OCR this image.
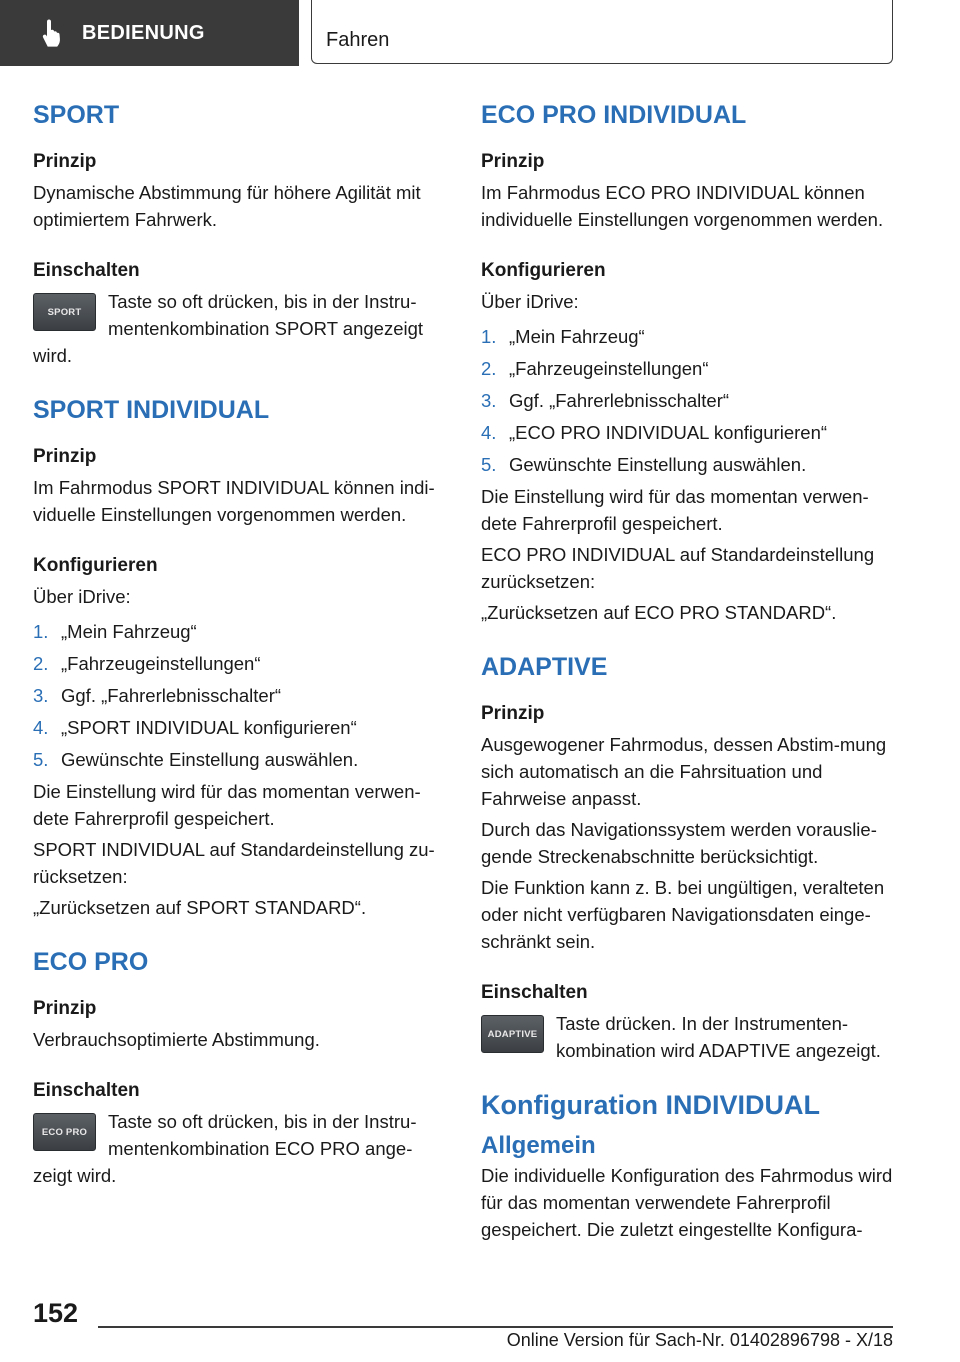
BEDIENUNG	Fahren
SPORT
Prinzip

Dynamische Abstimmung für höhere Agilität mit optimiertem Fahrwerk.

Einschalten
SPORT	Taste so oft drücken, bis in der Instru-

mentenkombination SPORT angezeigt

wird.

SPORT INDIVIDUAL
Prinzip

Im Fahrmodus SPORT INDIVIDUAL können indi-viduelle Einstellungen vorgenommen werden.

Konfigurieren

Über iDrive:

1. „Mein Fahrzeug“
2. „Fahrzeugeinstellungen“
3. Ggf. „Fahrerlebnisschalter“
4. „SPORT INDIVIDUAL konfigurieren“
5. Gewünschte Einstellung auswählen.

Die Einstellung wird für das momentan verwen-dete Fahrerprofil gespeichert.

SPORT INDIVIDUAL auf Standardeinstellung zu-rücksetzen:

„Zurücksetzen auf SPORT STANDARD“.

ECO PRO
Prinzip

Verbrauchsoptimierte Abstimmung.

Einschalten
ECO PRO	Taste so oft drücken, bis in der Instru-

mentenkombination ECO PRO ange-

zeigt wird.

ECO PRO INDIVIDUAL
Prinzip

Im Fahrmodus ECO PRO INDIVIDUAL können individuelle Einstellungen vorgenommen werden.

Konfigurieren

Über iDrive:

1. „Mein Fahrzeug“
2. „Fahrzeugeinstellungen“
3. Ggf. „Fahrerlebnisschalter“
4. „ECO PRO INDIVIDUAL konfigurieren“
5. Gewünschte Einstellung auswählen.

Die Einstellung wird für das momentan verwen-dete Fahrerprofil gespeichert.

ECO PRO INDIVIDUAL auf Standardeinstellung zurücksetzen:

„Zurücksetzen auf ECO PRO STANDARD“.

ADAPTIVE
Prinzip

Ausgewogener Fahrmodus, dessen Abstim-mung sich automatisch an die Fahrsituation und Fahrweise anpasst.

Durch das Navigationssystem werden vorauslie-gende Streckenabschnitte berücksichtigt.

Die Funktion kann z. B. bei ungültigen, veralteten oder nicht verfügbaren Navigationsdaten einge-schränkt sein.

Einschalten
ADAPTIVE	Taste drücken. In der Instrumenten-

kombination wird ADAPTIVE angezeigt.

Konfiguration INDIVIDUAL
Allgemein

Die individuelle Konfiguration des Fahrmodus wird für das momentan verwendete Fahrerprofil gespeichert. Die zuletzt eingestellte Konfigura-

152
Online Version für Sach-Nr. 01402896798 - X/18
